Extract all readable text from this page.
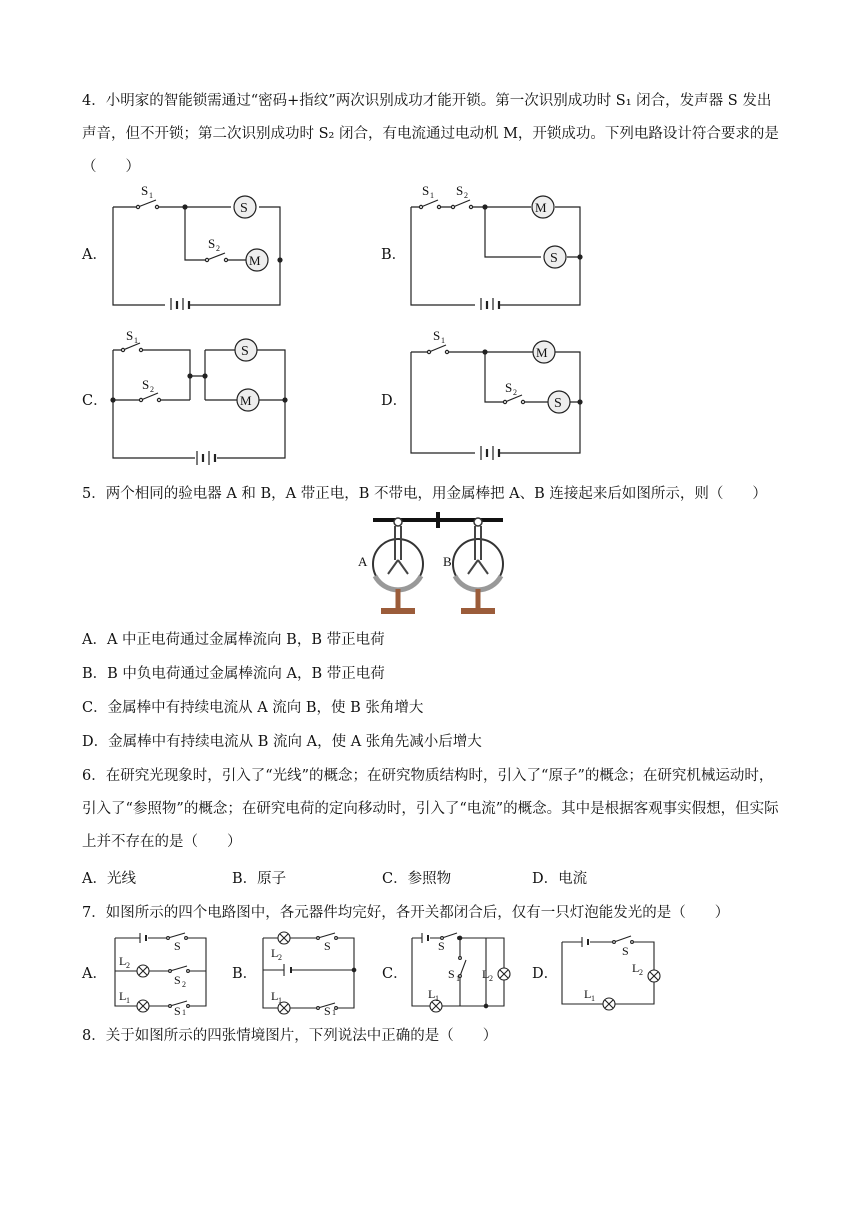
4．小明家的智能锁需通过“密码+指纹”两次识别成功才能开锁。第一次识别成功时 S₁ 闭合，发声器 S 发出声音，但不开锁；第二次识别成功时 S₂ 闭合，有电流通过电动机 M，开锁成功。下列电路设计符合要求的是（　　）

A．	B．
C．	D．
S
M
S 1
S 2
M
S
S 1 S 2
S
M
S 1
S 2
M
S
S 1
S 2

5．两个相同的验电器 A 和 B，A 带正电，B 不带电，用金属棒把 A、B 连接起来后如图所示，则（　　）

A	B

A．A 中正电荷通过金属棒流向 B，B 带正电荷

B．B 中负电荷通过金属棒流向 A，B 带正电荷

C．金属棒中有持续电流从 A 流向 B，使 B 张角增大

D．金属棒中有持续电流从 B 流向 A，使 A 张角先减小后增大

6．在研究光现象时，引入了“光线”的概念；在研究物质结构时，引入了“原子”的概念；在研究机械运动时，引入了“参照物”的概念；在研究电荷的定向移动时，引入了“电流”的概念。其中是根据客观事实假想，但实际上并不存在的是（　　）

A．光线	B．原子	C．参照物	D．电流

7．如图所示的四个电路图中，各元器件均完好，各开关都闭合后，仅有一只灯泡能发光的是（　　）

A．	B．	C．	D．
S
S 2
S 1
L 2
L 1
S
S 1
L 2
L 1
S
S 1 L 2
L 1
S
L 2
L 1

8．关于如图所示的四张情境图片，下列说法中正确的是（　　）
